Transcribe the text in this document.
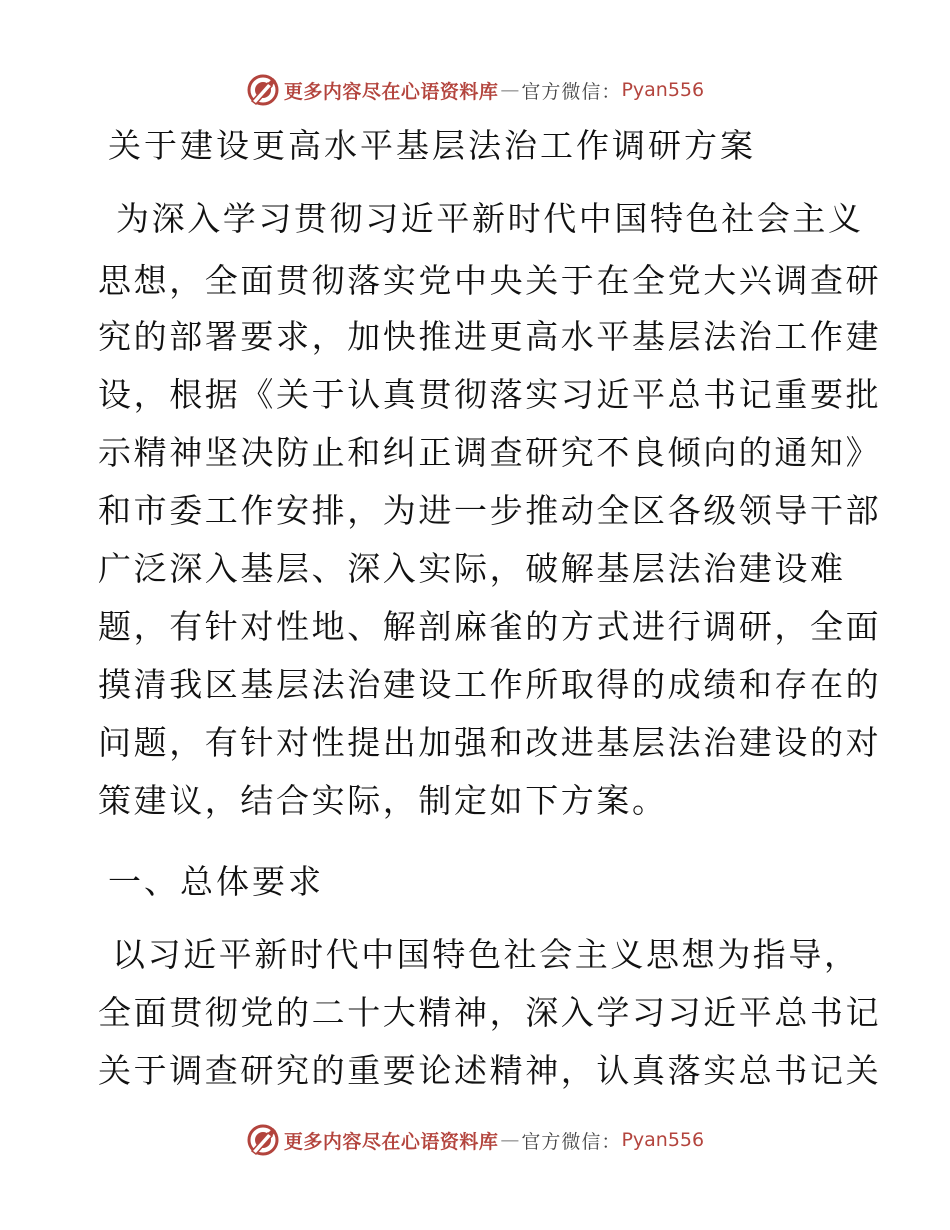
更多内容尽在心语资料库 — 官方微信： Pyan556
关于建设更高水平基层法治工作调研方案
为深入学习贯彻习近平新时代中国特色社会主义
思想，全面贯彻落实党中央关于在全党大兴调查研
究的部署要求，加快推进更高水平基层法治工作建
设，根据《关于认真贯彻落实习近平总书记重要批
示精神坚决防止和纠正调查研究不良倾向的通知》
和市委工作安排，为进一步推动全区各级领导干部
广泛深入基层、深入实际，破解基层法治建设难
题，有针对性地、解剖麻雀的方式进行调研，全面
摸清我区基层法治建设工作所取得的成绩和存在的
问题，有针对性提出加强和改进基层法治建设的对
策建议，结合实际，制定如下方案。
一、总体要求
以习近平新时代中国特色社会主义思想为指导，
全面贯彻党的二十大精神，深入学习习近平总书记
关于调查研究的重要论述精神，认真落实总书记关
更多内容尽在心语资料库 — 官方微信： Pyan556
